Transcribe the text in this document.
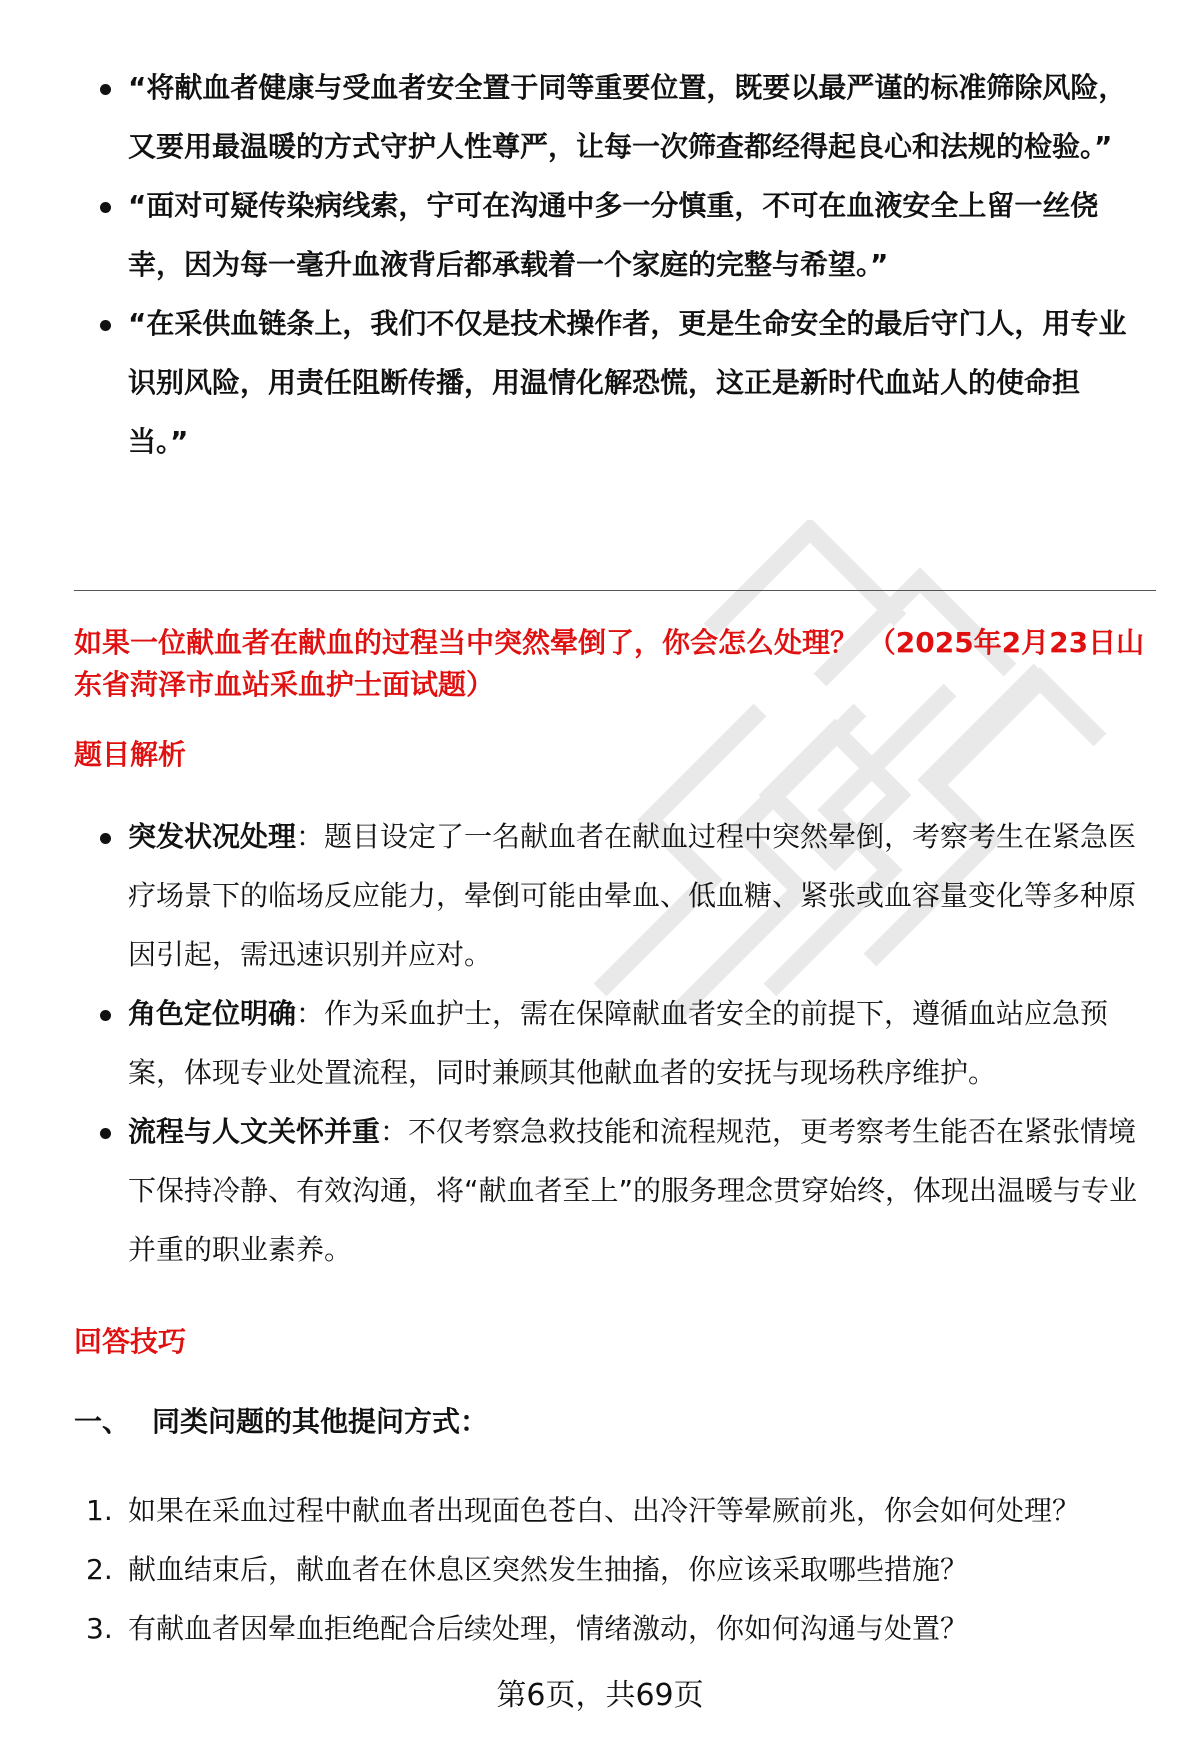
“将献血者健康与受血者安全置于同等重要位置，既要以最严谨的标准筛除风险，又要用最温暖的方式守护人性尊严，让每一次筛查都经得起良心和法规的检验。”
“面对可疑传染病线索，宁可在沟通中多一分慎重，不可在血液安全上留一丝侥幸，因为每一毫升血液背后都承载着一个家庭的完整与希望。”
“在采供血链条上，我们不仅是技术操作者，更是生命安全的最后守门人，用专业识别风险，用责任阻断传播，用温情化解恐慌，这正是新时代血站人的使命担当。”

如果一位献血者在献血的过程当中突然晕倒了，你会怎么处理？ （2025年2月23日山东省菏泽市血站采血护士面试题）

题目解析

突发状况处理：题目设定了一名献血者在献血过程中突然晕倒，考察考生在紧急医疗场景下的临场反应能力，晕倒可能由晕血、低血糖、紧张或血容量变化等多种原因引起，需迅速识别并应对。
角色定位明确：作为采血护士，需在保障献血者安全的前提下，遵循血站应急预案，体现专业处置流程，同时兼顾其他献血者的安抚与现场秩序维护。
流程与人文关怀并重：不仅考察急救技能和流程规范，更考察考生能否在紧张情境下保持冷静、有效沟通，将“献血者至上”的服务理念贯穿始终，体现出温暖与专业并重的职业素养。

回答技巧

一、 同类问题的其他提问方式：

1. 如果在采血过程中献血者出现面色苍白、出冷汗等晕厥前兆，你会如何处理？
2. 献血结束后，献血者在休息区突然发生抽搐，你应该采取哪些措施？
3. 有献血者因晕血拒绝配合后续处理，情绪激动，你如何沟通与处置？
第6页，共69页
